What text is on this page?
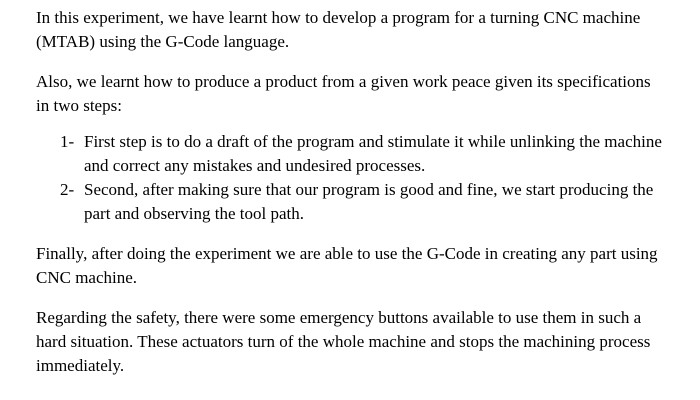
In this experiment, we have learnt how to develop a program for a turning CNC machine (MTAB) using the G-Code language.

Also, we learnt how to produce a product from a given work peace given its specifications in two steps:

1- First step is to do a draft of the program and stimulate it while unlinking the machine and correct any mistakes and undesired processes.
2- Second, after making sure that our program is good and fine, we start producing the part and observing the tool path.

Finally, after doing the experiment we are able to use the G-Code in creating any part using CNC machine.

Regarding the safety, there were some emergency buttons available to use them in such a hard situation. These actuators turn of the whole machine and stops the machining process immediately.
